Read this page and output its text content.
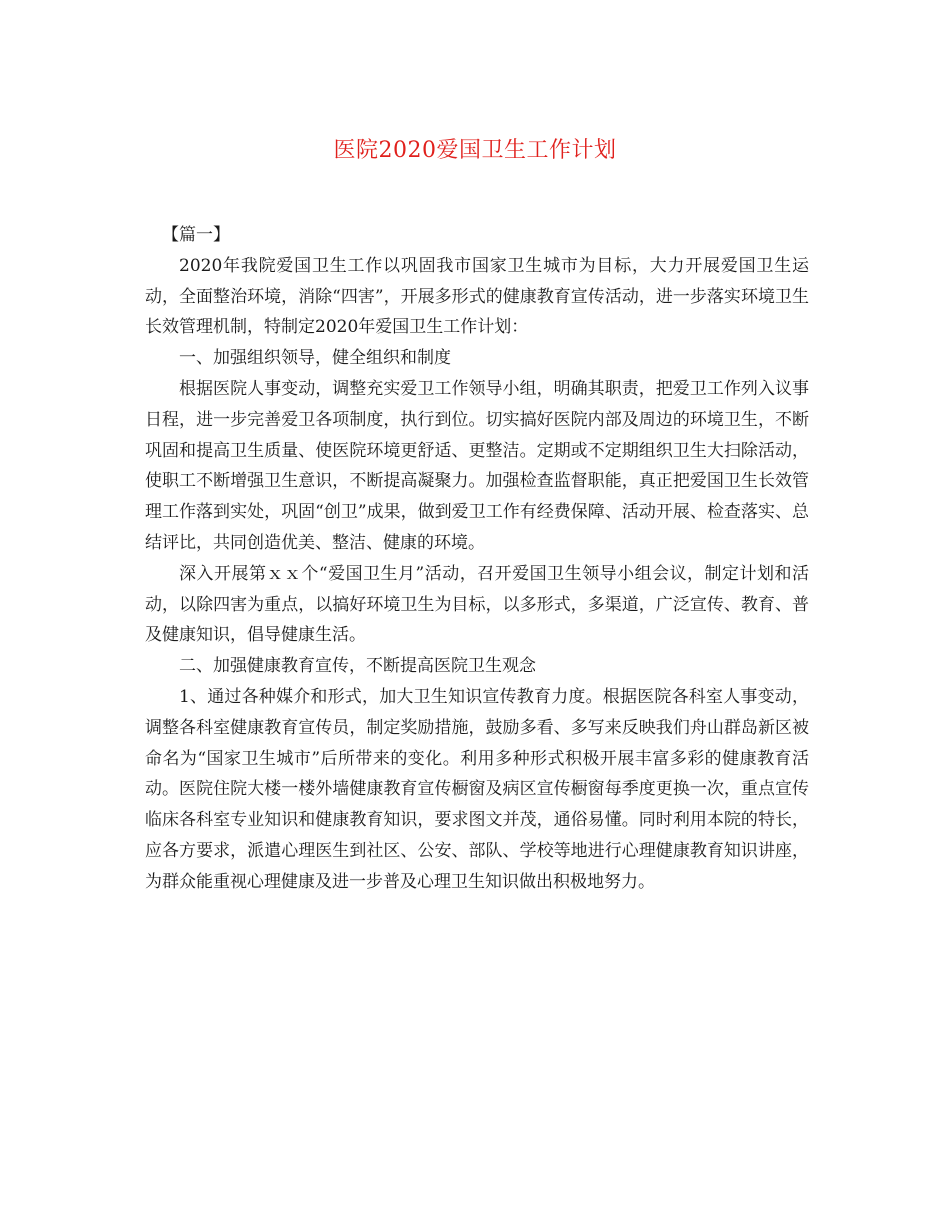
医院2020爱国卫生工作计划

【篇一】

2020年我院爱国卫生工作以巩固我市国家卫生城市为目标，大力开展爱国卫生运动，全面整治环境，消除“四害”，开展多形式的健康教育宣传活动，进一步落实环境卫生长效管理机制，特制定2020年爱国卫生工作计划：

一、加强组织领导，健全组织和制度

根据医院人事变动，调整充实爱卫工作领导小组，明确其职责，把爱卫工作列入议事日程，进一步完善爱卫各项制度，执行到位。切实搞好医院内部及周边的环境卫生，不断巩固和提高卫生质量、使医院环境更舒适、更整洁。定期或不定期组织卫生大扫除活动，使职工不断增强卫生意识，不断提高凝聚力。加强检查监督职能，真正把爱国卫生长效管理工作落到实处，巩固“创卫”成果，做到爱卫工作有经费保障、活动开展、检查落实、总结评比，共同创造优美、整洁、健康的环境。

深入开展第ｘｘ个“爱国卫生月”活动，召开爱国卫生领导小组会议，制定计划和活动，以除四害为重点，以搞好环境卫生为目标，以多形式，多渠道，广泛宣传、教育、普及健康知识，倡导健康生活。

二、加强健康教育宣传，不断提高医院卫生观念

1、通过各种媒介和形式，加大卫生知识宣传教育力度。根据医院各科室人事变动，调整各科室健康教育宣传员，制定奖励措施，鼓励多看、多写来反映我们舟山群岛新区被命名为“国家卫生城市”后所带来的变化。利用多种形式积极开展丰富多彩的健康教育活动。医院住院大楼一楼外墙健康教育宣传橱窗及病区宣传橱窗每季度更换一次，重点宣传临床各科室专业知识和健康教育知识，要求图文并茂，通俗易懂。同时利用本院的特长，应各方要求，派遣心理医生到社区、公安、部队、学校等地进行心理健康教育知识讲座，为群众能重视心理健康及进一步普及心理卫生知识做出积极地努力。
